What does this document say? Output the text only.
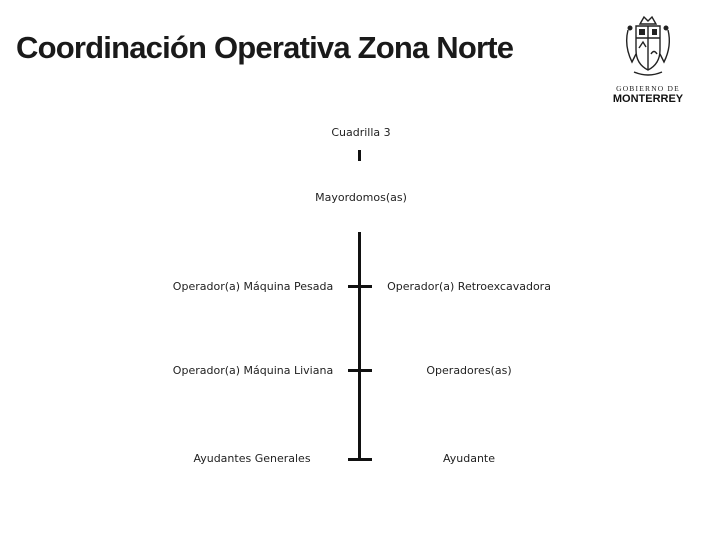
Coordinación Operativa Zona Norte
GOBIERNO DE
MONTERREY
Cuadrilla 3
Mayordomos(as)
Operador(a) Máquina Pesada
Operador(a) Máquina Liviana
Ayudantes Generales
Operador(a) Retroexcavadora
Operadores(as)
Ayudante
